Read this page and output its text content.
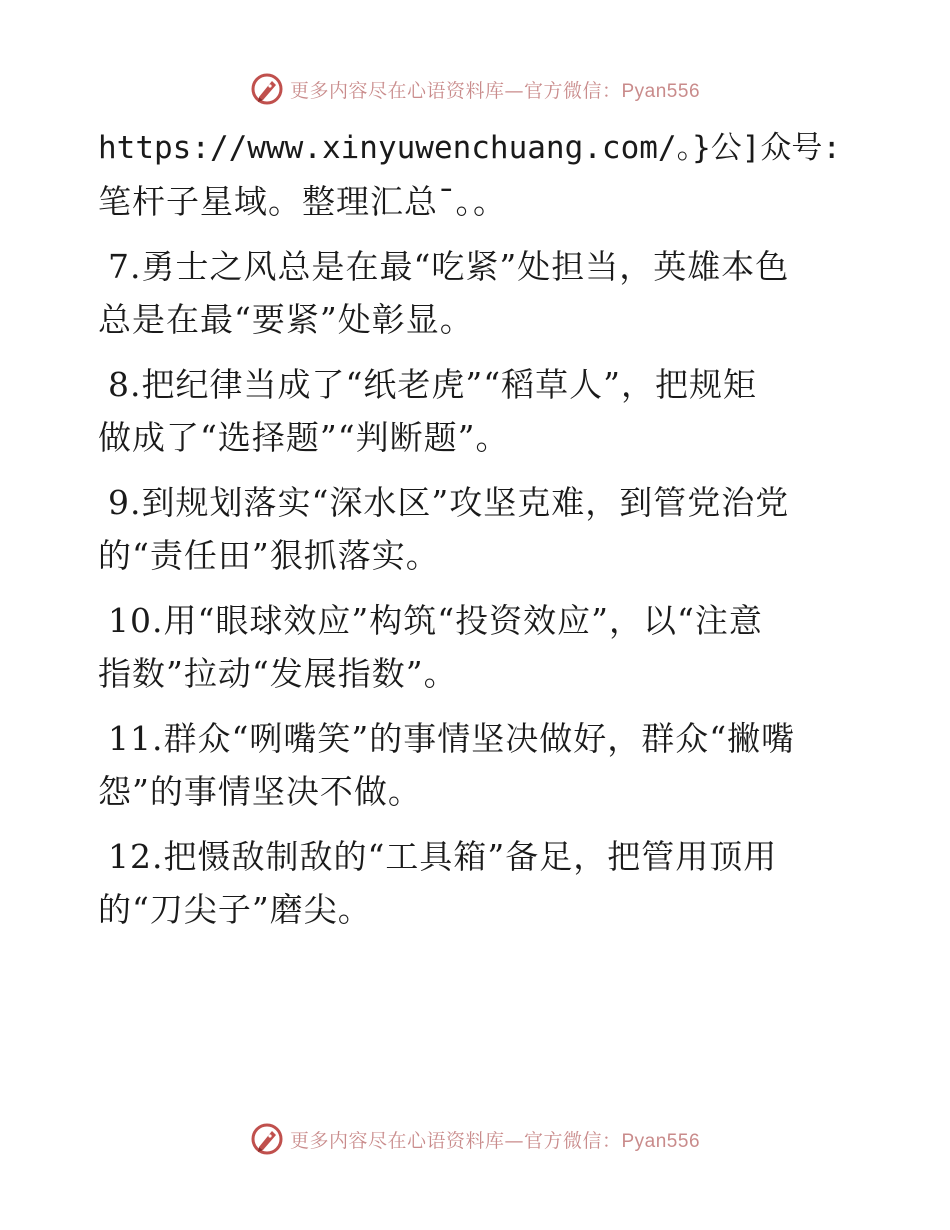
更多内容尽在心语资料库—官方微信：Pyan556

https://www.xinyuwenchuang.com/。}公]众号:
笔杆子星域。整理汇总¯。。

7.勇士之风总是在最“吃紧”处担当，英雄本色
总是在最“要紧”处彰显。

8.把纪律当成了“纸老虎”“稻草人”，把规矩
做成了“选择题”“判断题”。

9.到规划落实“深水区”攻坚克难，到管党治党
的“责任田”狠抓落实。

10.用“眼球效应”构筑“投资效应”，以“注意
指数”拉动“发展指数”。

11.群众“咧嘴笑”的事情坚决做好，群众“撇嘴
怨”的事情坚决不做。

12.把慑敌制敌的“工具箱”备足，把管用顶用
的“刀尖子”磨尖。

更多内容尽在心语资料库—官方微信：Pyan556
